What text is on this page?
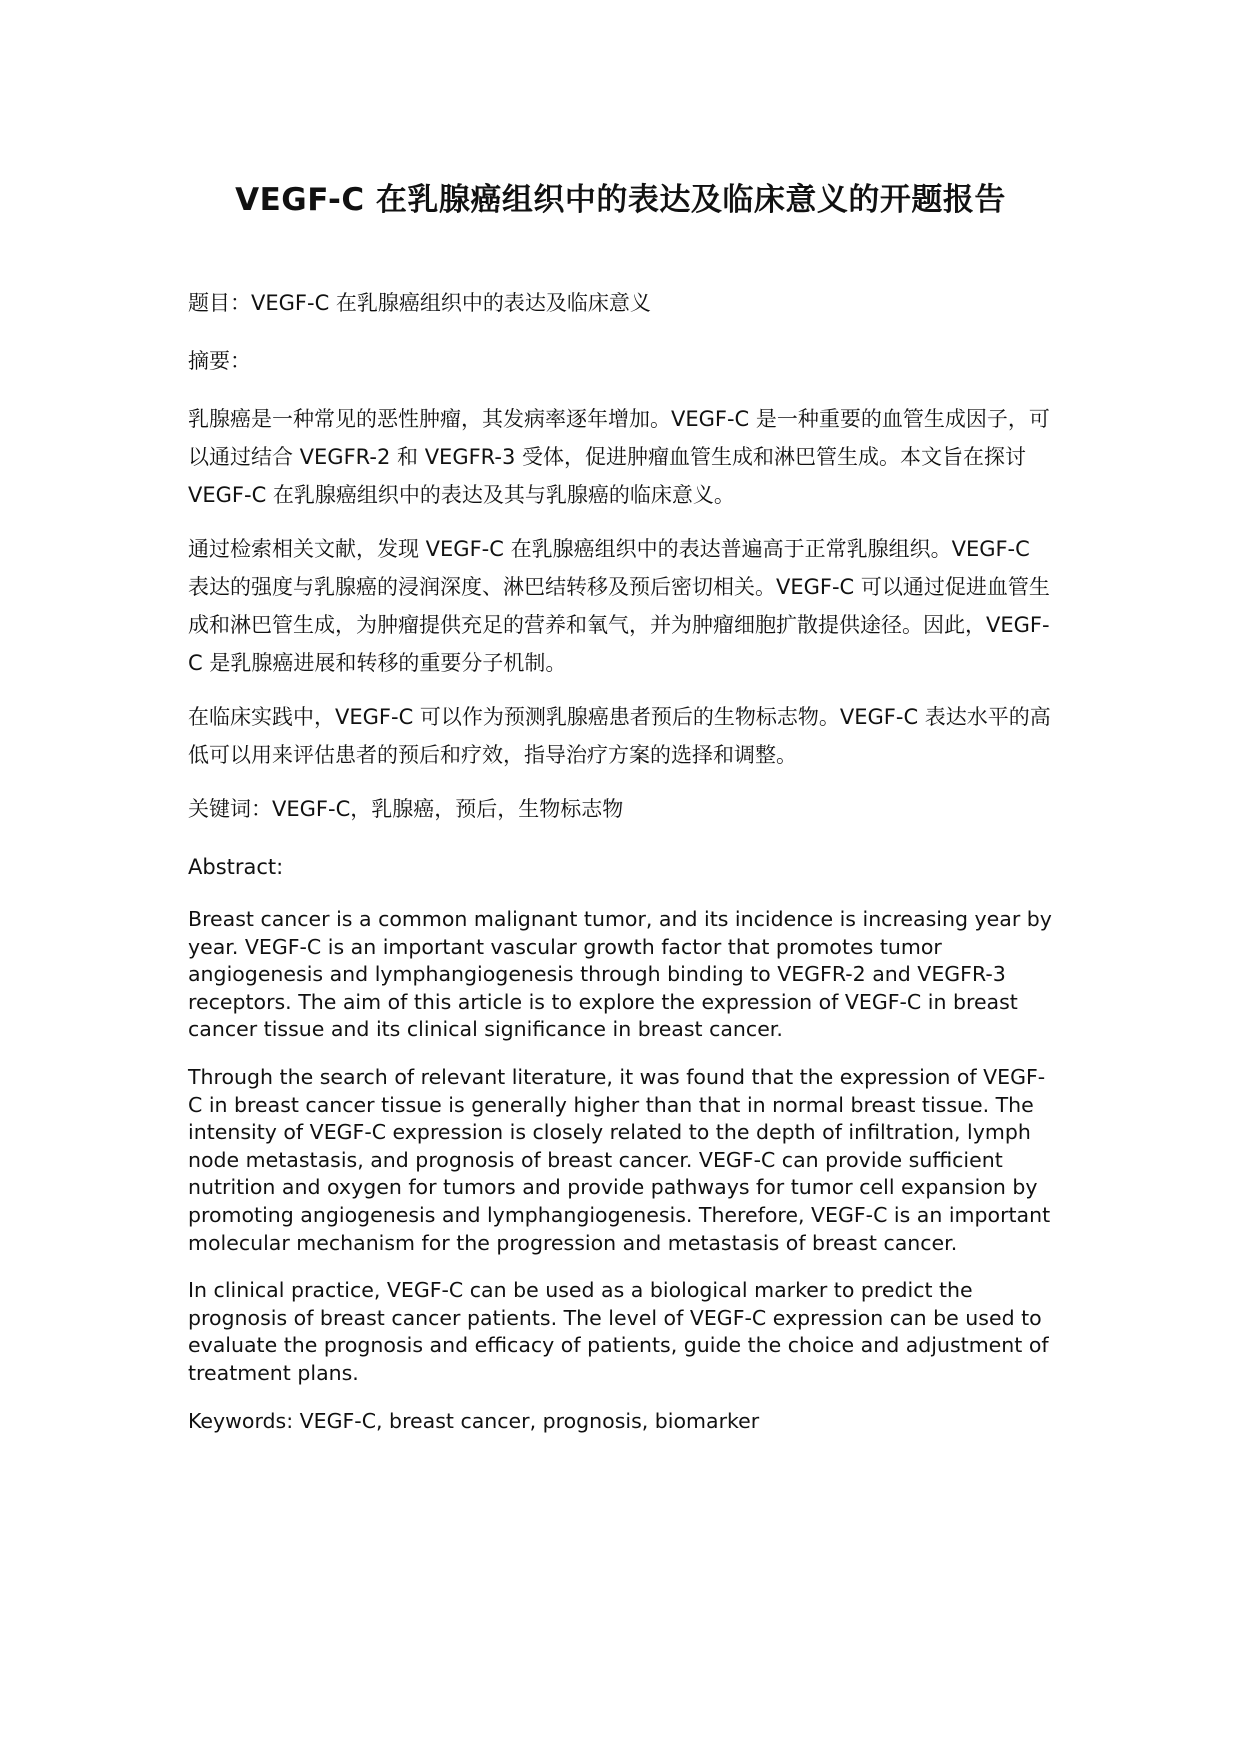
VEGF-C 在乳腺癌组织中的表达及临床意义的开题报告

题目：VEGF-C 在乳腺癌组织中的表达及临床意义

摘要：

乳腺癌是一种常见的恶性肿瘤，其发病率逐年增加。VEGF-C 是一种重要的血管生成因子，可以通过结合 VEGFR-2 和 VEGFR-3 受体，促进肿瘤血管生成和淋巴管生成。本文旨在探讨 VEGF-C 在乳腺癌组织中的表达及其与乳腺癌的临床意义。

通过检索相关文献，发现 VEGF-C 在乳腺癌组织中的表达普遍高于正常乳腺组织。VEGF-C 表达的强度与乳腺癌的浸润深度、淋巴结转移及预后密切相关。VEGF-C 可以通过促进血管生成和淋巴管生成，为肿瘤提供充足的营养和氧气，并为肿瘤细胞扩散提供途径。因此，VEGF-C 是乳腺癌进展和转移的重要分子机制。

在临床实践中，VEGF-C 可以作为预测乳腺癌患者预后的生物标志物。VEGF-C 表达水平的高低可以用来评估患者的预后和疗效，指导治疗方案的选择和调整。

关键词：VEGF-C，乳腺癌，预后，生物标志物

Abstract:

Breast cancer is a common malignant tumor, and its incidence is increasing year by year. VEGF-C is an important vascular growth factor that promotes tumor angiogenesis and lymphangiogenesis through binding to VEGFR-2 and VEGFR-3 receptors. The aim of this article is to explore the expression of VEGF-C in breast cancer tissue and its clinical significance in breast cancer.

Through the search of relevant literature, it was found that the expression of VEGF-C in breast cancer tissue is generally higher than that in normal breast tissue. The intensity of VEGF-C expression is closely related to the depth of infiltration, lymph node metastasis, and prognosis of breast cancer. VEGF-C can provide sufficient nutrition and oxygen for tumors and provide pathways for tumor cell expansion by promoting angiogenesis and lymphangiogenesis. Therefore, VEGF-C is an important molecular mechanism for the progression and metastasis of breast cancer.

In clinical practice, VEGF-C can be used as a biological marker to predict the prognosis of breast cancer patients. The level of VEGF-C expression can be used to evaluate the prognosis and efficacy of patients, guide the choice and adjustment of treatment plans.

Keywords: VEGF-C, breast cancer, prognosis, biomarker
